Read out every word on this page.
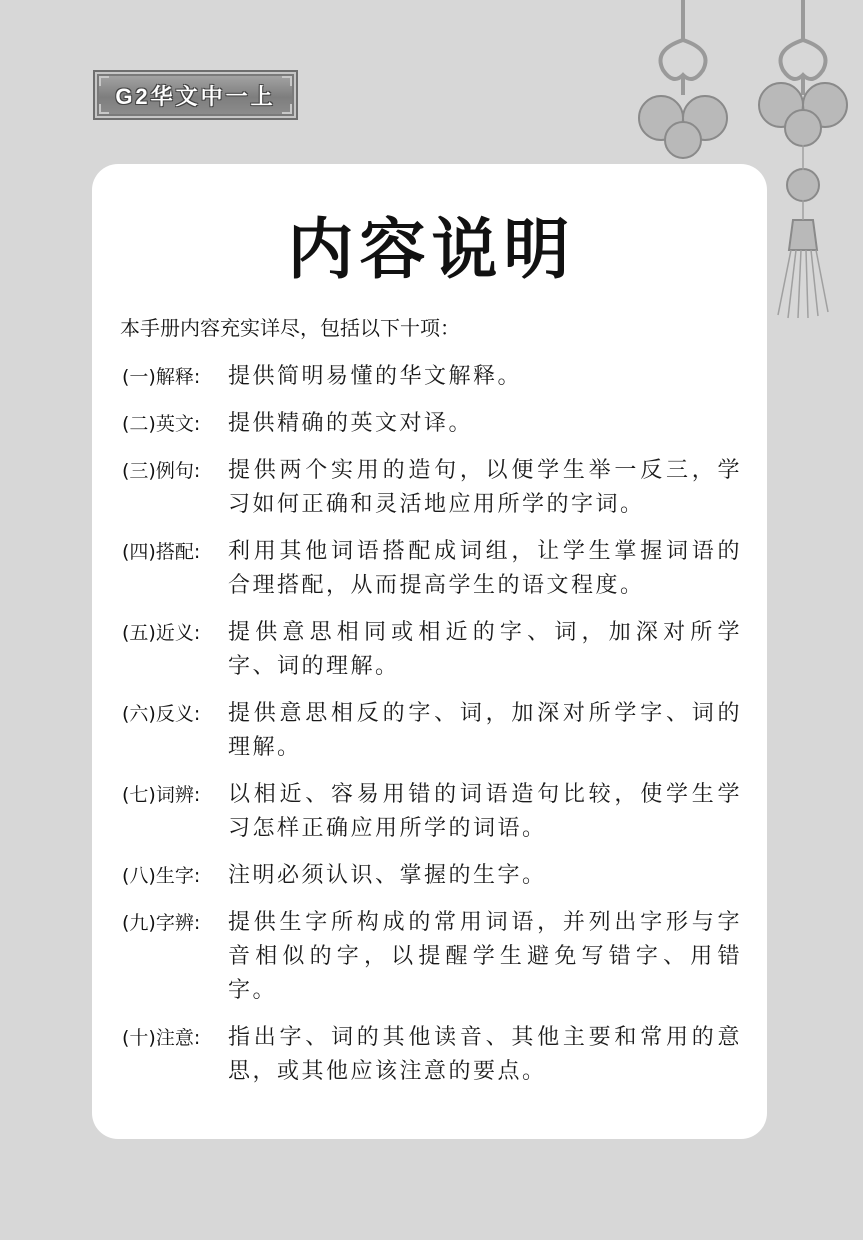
G2华文中一上
内容说明
本手册内容充实详尽，包括以下十项：
(一)解释:	提供简明易懂的华文解释。
(二)英文:	提供精确的英文对译。
(三)例句:	提供两个实用的造句，以便学生举一反三，学习如何正确和灵活地应用所学的字词。
(四)搭配:	利用其他词语搭配成词组，让学生掌握词语的合理搭配，从而提高学生的语文程度。
(五)近义:	提供意思相同或相近的字、词，加深对所学字、词的理解。
(六)反义:	提供意思相反的字、词，加深对所学字、词的理解。
(七)词辨:	以相近、容易用错的词语造句比较，使学生学习怎样正确应用所学的词语。
(八)生字:	注明必须认识、掌握的生字。
(九)字辨:	提供生字所构成的常用词语，并列出字形与字音相似的字，以提醒学生避免写错字、用错字。
(十)注意:	指出字、词的其他读音、其他主要和常用的意思，或其他应该注意的要点。
